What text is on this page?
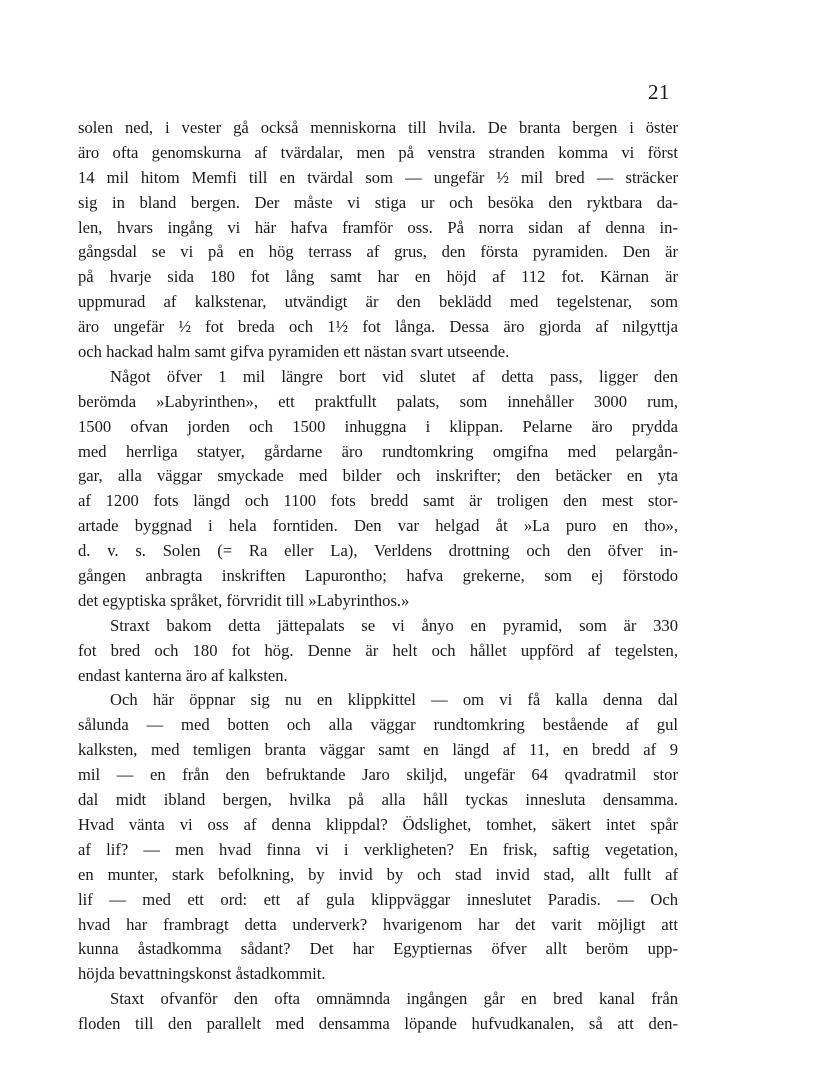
21
solen ned, i vester gå också menniskorna till hvila. De branta bergen i öster
äro ofta genomskurna af tvärdalar, men på venstra stranden komma vi först
14 mil hitom Memfi till en tvärdal som — ungefär ½ mil bred — sträcker
sig in bland bergen. Der måste vi stiga ur och besöka den ryktbara da-
len, hvars ingång vi här hafva framför oss. På norra sidan af denna in-
gångsdal se vi på en hög terrass af grus, den första pyramiden. Den är
på hvarje sida 180 fot lång samt har en höjd af 112 fot. Kärnan är
uppmurad af kalkstenar, utvändigt är den beklädd med tegelstenar, som
äro ungefär ½ fot breda och 1½ fot långa. Dessa äro gjorda af nilgyttja
och hackad halm samt gifva pyramiden ett nästan svart utseende.
Något öfver 1 mil längre bort vid slutet af detta pass, ligger den
berömda »Labyrinthen», ett praktfullt palats, som innehåller 3000 rum,
1500 ofvan jorden och 1500 inhuggna i klippan. Pelarne äro prydda
med herrliga statyer, gårdarne äro rundtomkring omgifna med pelargån-
gar, alla väggar smyckade med bilder och inskrifter; den betäcker en yta
af 1200 fots längd och 1100 fots bredd samt är troligen den mest stor-
artade byggnad i hela forntiden. Den var helgad åt »La puro en tho»,
d. v. s. Solen (= Ra eller La), Verldens drottning och den öfver in-
gången anbragta inskriften Lapurontho; hafva grekerne, som ej förstodo
det egyptiska språket, förvridit till »Labyrinthos.»
Straxt bakom detta jättepalats se vi ånyo en pyramid, som är 330
fot bred och 180 fot hög. Denne är helt och hållet uppförd af tegelsten,
endast kanterna äro af kalksten.
Och här öppnar sig nu en klippkittel — om vi få kalla denna dal
sålunda — med botten och alla väggar rundtomkring bestående af gul
kalksten, med temligen branta väggar samt en längd af 11, en bredd af 9
mil — en från den befruktande Jaro skiljd, ungefär 64 qvadratmil stor
dal midt ibland bergen, hvilka på alla håll tyckas innesluta densamma.
Hvad vänta vi oss af denna klippdal? Ödslighet, tomhet, säkert intet spår
af lif? — men hvad finna vi i verkligheten? En frisk, saftig vegetation,
en munter, stark befolkning, by invid by och stad invid stad, allt fullt af
lif — med ett ord: ett af gula klippväggar inneslutet Paradis. — Och
hvad har frambragt detta underverk? hvarigenom har det varit möjligt att
kunna åstadkomma sådant? Det har Egyptiernas öfver allt beröm upp-
höjda bevattningskonst åstadkommit.
Staxt ofvanför den ofta omnämnda ingången går en bred kanal från
floden till den parallelt med densamma löpande hufvudkanalen, så att den-
